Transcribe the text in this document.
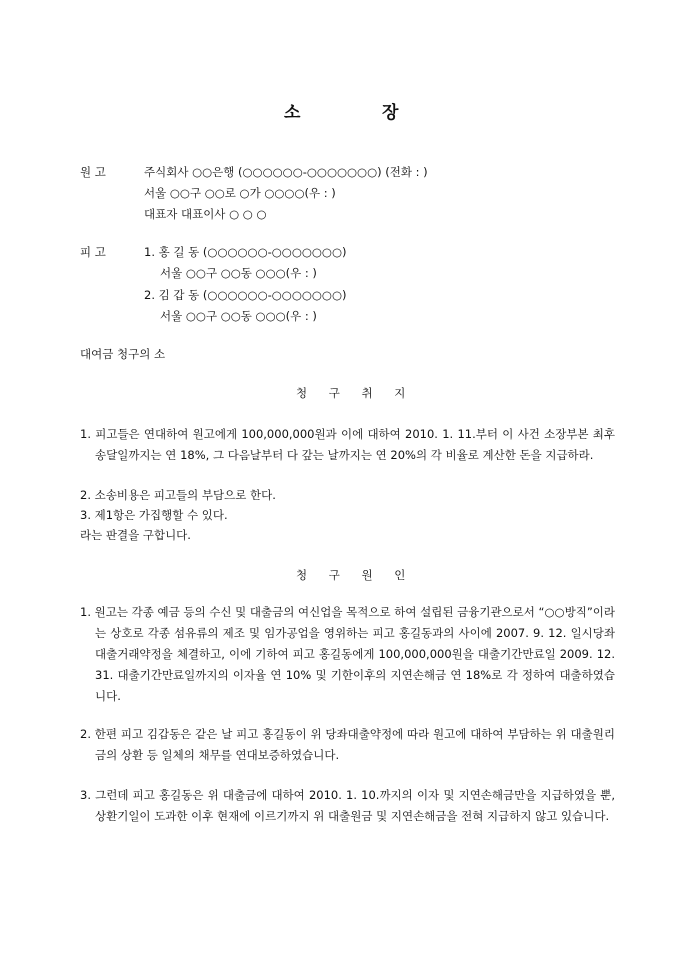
소	장
원 고	주식회사 ○○은행 (○○○○○○-○○○○○○○) (전화 : )
서울 ○○구 ○○로 ○가 ○○○○(우 : )
대표자 대표이사 ○ ○ ○
피 고	1. 홍 길 동 (○○○○○○-○○○○○○○)
서울 ○○구 ○○동 ○○○(우 : )
2. 김 갑 동 (○○○○○○-○○○○○○○)
서울 ○○구 ○○동 ○○○(우 : )
대여금 청구의 소
청 구 취 지
1. 피고들은 연대하여 원고에게 100,000,000원과 이에 대하여 2010. 1. 11.부터 이 사건 소장부본 최후 송달일까지는 연 18%, 그 다음날부터 다 갚는 날까지는 연 20%의 각 비율로 계산한 돈을 지급하라.
2. 소송비용은 피고들의 부담으로 한다.
3. 제1항은 가집행할 수 있다.
라는 판결을 구합니다.
청 구 원 인
1. 원고는 각종 예금 등의 수신 및 대출금의 여신업을 목적으로 하여 설립된 금융기관으로서 “○○방직”이라는 상호로 각종 섬유류의 제조 및 임가공업을 영위하는 피고 홍길동과의 사이에 2007. 9. 12. 일시당좌대출거래약정을 체결하고, 이에 기하여 피고 홍길동에게 100,000,000원을 대출기간만료일 2009. 12. 31. 대출기간만료일까지의 이자율 연 10% 및 기한이후의 지연손해금 연 18%로 각 정하여 대출하였습니다.
2. 한편 피고 김갑동은 같은 날 피고 홍길동이 위 당좌대출약정에 따라 원고에 대하여 부담하는 위 대출원리금의 상환 등 일체의 채무를 연대보증하였습니다.
3. 그런데 피고 홍길동은 위 대출금에 대하여 2010. 1. 10.까지의 이자 및 지연손해금만을 지급하였을 뿐, 상환기일이 도과한 이후 현재에 이르기까지 위 대출원금 및 지연손해금을 전혀 지급하지 않고 있습니다.
